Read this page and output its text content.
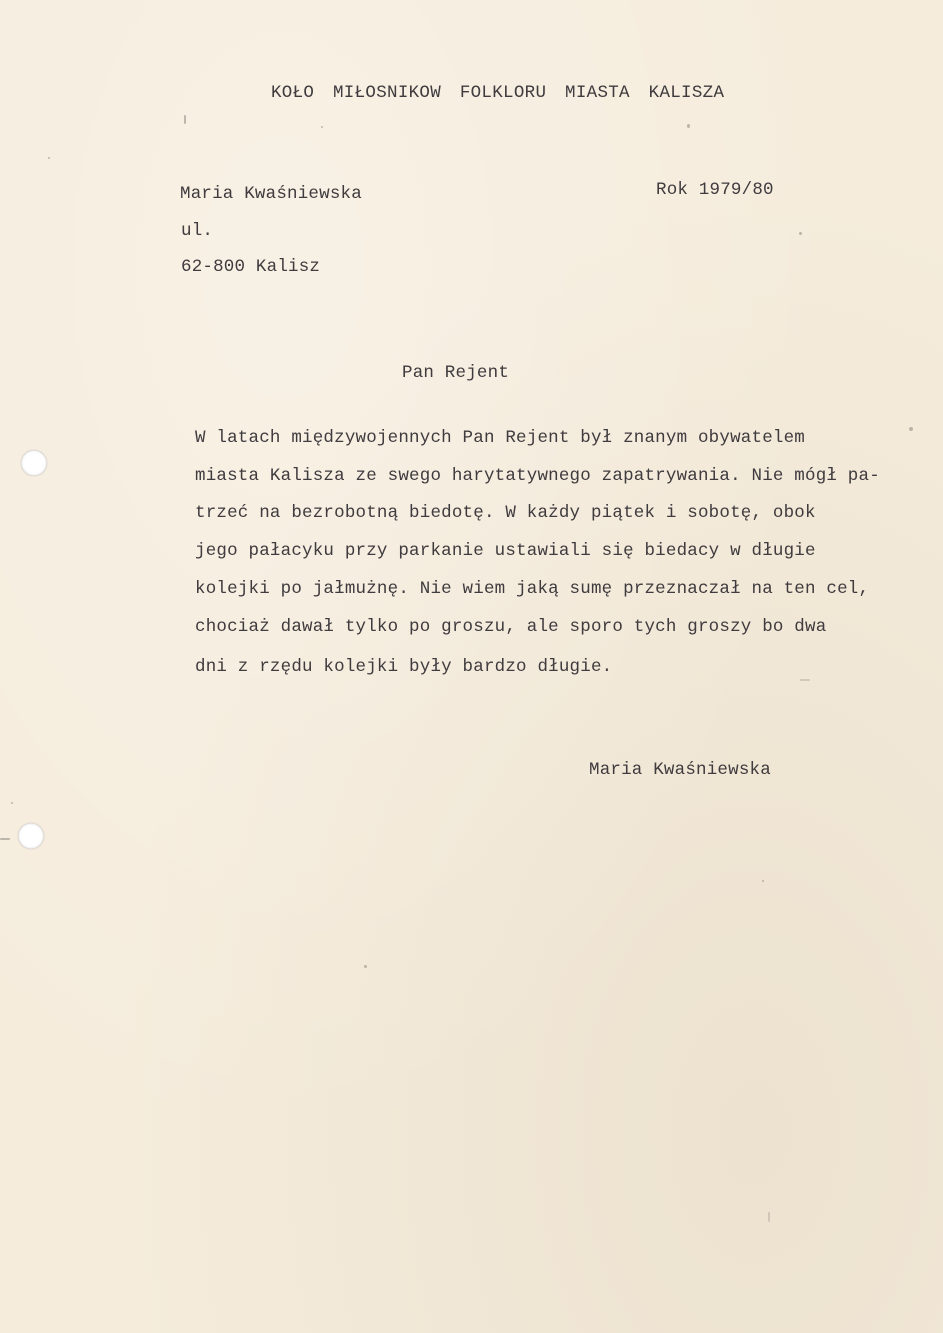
KOŁO MIŁOSNIKOW FOLKLORU MIASTA KALISZA
Maria Kwaśniewska
ul.
62-800 Kalisz
Rok 1979/80
Pan Rejent
W latach międzywojennych Pan Rejent był znanym obywatelem
miasta Kalisza ze swego harytatywnego zapatrywania. Nie mógł pa-
trzeć na bezrobotną biedotę. W każdy piątek i sobotę, obok
jego pałacyku przy parkanie ustawiali się biedacy w długie
kolejki po jałmużnę. Nie wiem jaką sumę przeznaczał na ten cel,
chociaż dawał tylko po groszu, ale sporo tych groszy bo dwa
dni z rzędu kolejki były bardzo długie.
Maria Kwaśniewska
